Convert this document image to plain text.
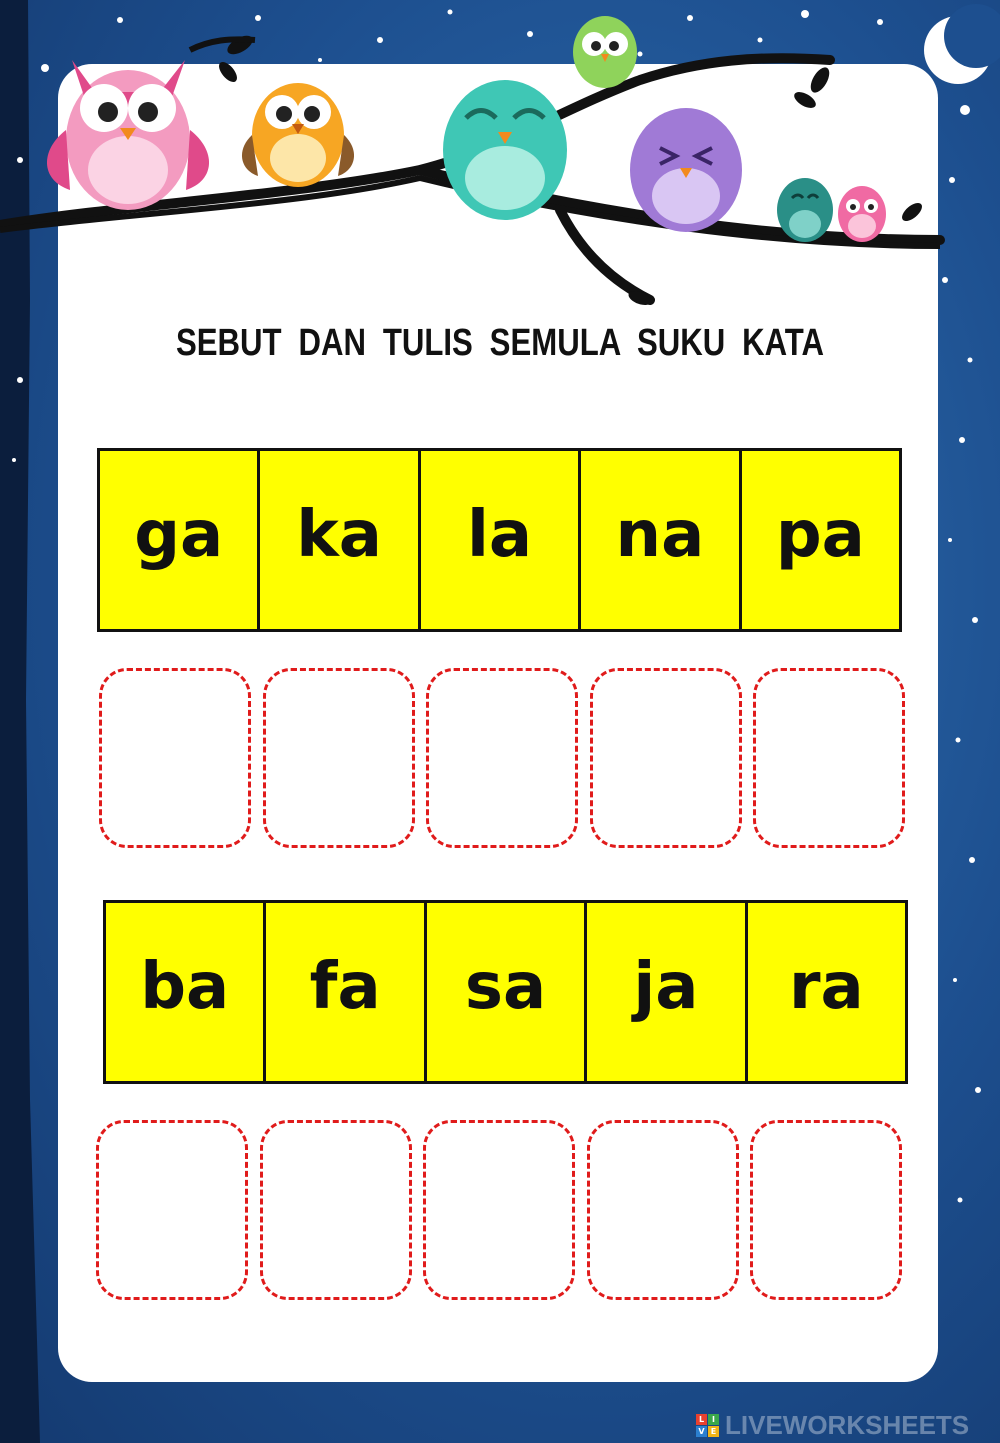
SEBUT DAN TULIS SEMULA SUKU KATA
ga	ka	la	na	pa
ba	fa	sa	ja	ra
L I
V E LIVEWORKSHEETS
